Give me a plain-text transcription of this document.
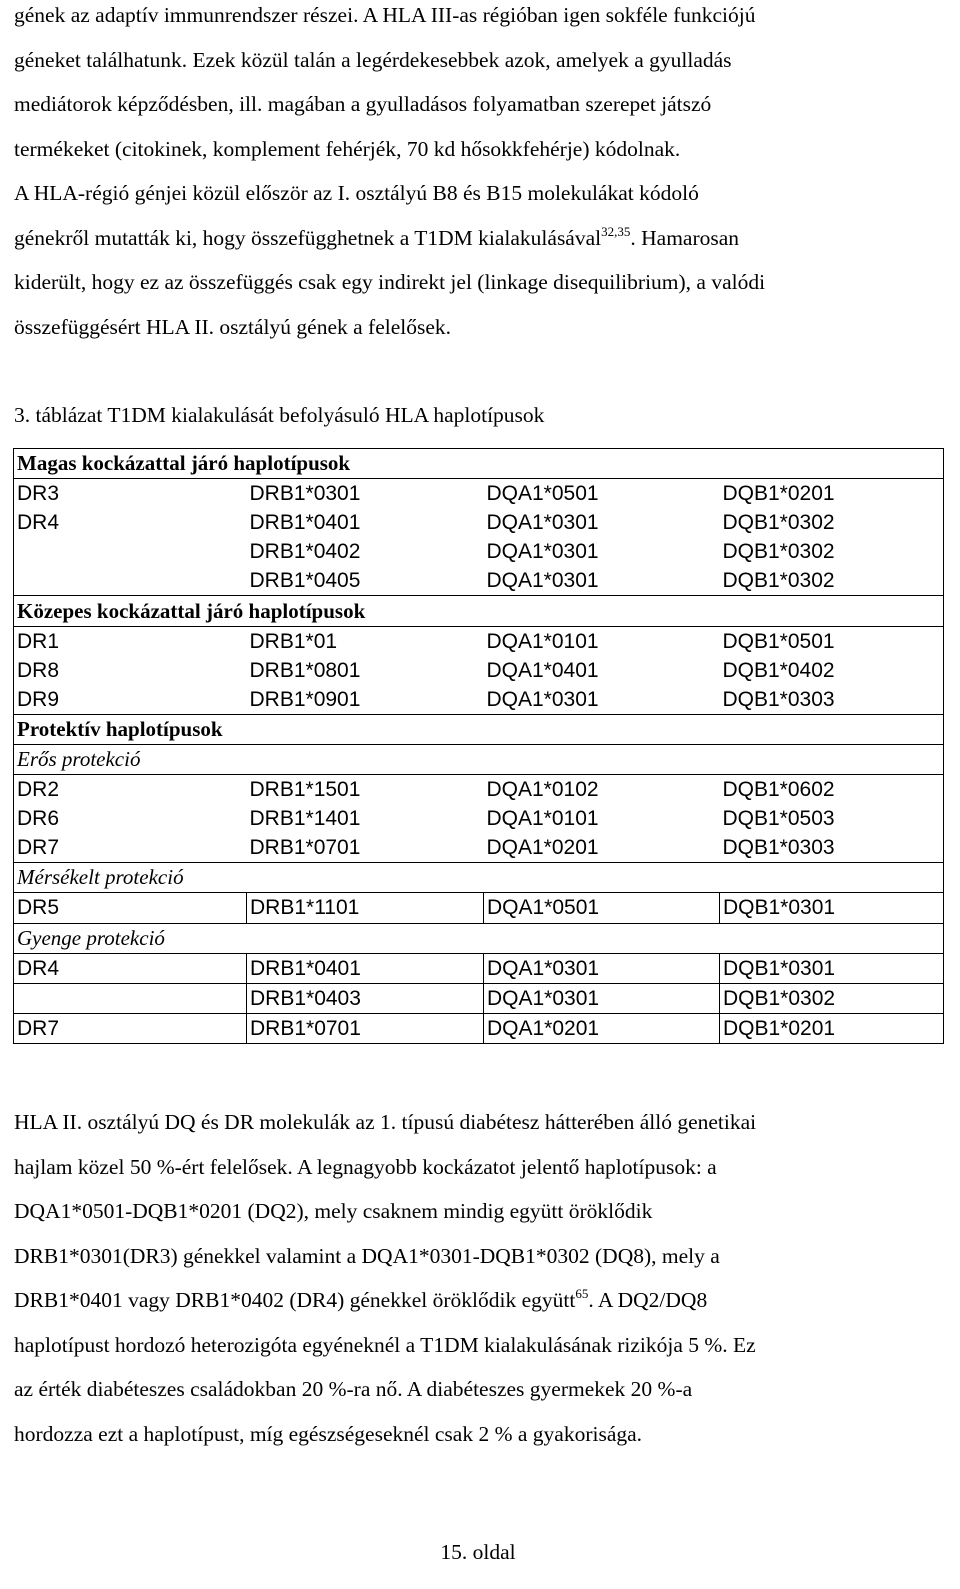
gének az adaptív immunrendszer részei. A HLA III-as régióban igen sokféle funkciójú
géneket találhatunk. Ezek közül talán a legérdekesebbek azok, amelyek a gyulladás
mediátorok képződésben, ill. magában a gyulladásos folyamatban szerepet játszó
termékeket (citokinek, komplement fehérjék, 70 kd hősokkfehérje) kódolnak.
A HLA-régió génjei közül először az I. osztályú B8 és B15 molekulákat kódoló
génekről mutatták ki, hogy összefügghetnek a T1DM kialakulásával$^{32,35}$. Hamarosan
kiderült, hogy ez az összefüggés csak egy indirekt jel (linkage disequilibrium), a valódi
összefüggésért HLA II. osztályú gének a felelősek.

3. táblázat T1DM kialakulását befolyásuló HLA haplotípusok

Magas kockázattal járó haplotípusok			
DR3	DRB1*0301	DQA1*0501	DQB1*0201
DR4	DRB1*0401	DQA1*0301	DQB1*0302
	DRB1*0402	DQA1*0301	DQB1*0302
	DRB1*0405	DQA1*0301	DQB1*0302
Közepes kockázattal járó haplotípusok			
DR1	DRB1*01	DQA1*0101	DQB1*0501
DR8	DRB1*0801	DQA1*0401	DQB1*0402
DR9	DRB1*0901	DQA1*0301	DQB1*0303
Protektív haplotípusok			
Erős protekció			
DR2	DRB1*1501	DQA1*0102	DQB1*0602
DR6	DRB1*1401	DQA1*0101	DQB1*0503
DR7	DRB1*0701	DQA1*0201	DQB1*0303
Mérsékelt protekció			
DR5	DRB1*1101	DQA1*0501	DQB1*0301
Gyenge protekció			
DR4	DRB1*0401	DQA1*0301	DQB1*0301
	DRB1*0403	DQA1*0301	DQB1*0302
DR7	DRB1*0701	DQA1*0201	DQB1*0201
HLA II. osztályú DQ és DR molekulák az 1. típusú diabétesz hátterében álló genetikai
hajlam közel 50 %-ért felelősek. A legnagyobb kockázatot jelentő haplotípusok: a
DQA1*0501-DQB1*0201 (DQ2), mely csaknem mindig együtt öröklődik
DRB1*0301(DR3) génekkel valamint a DQA1*0301-DQB1*0302 (DQ8), mely a
DRB1*0401 vagy DRB1*0402 (DR4) génekkel öröklődik együtt$^{65}$. A DQ2/DQ8
haplotípust hordozó heterozigóta egyéneknél a T1DM kialakulásának rizikója 5 %. Ez
az érték diabéteszes családokban 20 %-ra nő. A diabéteszes gyermekek 20 %-a
hordozza ezt a haplotípust, míg egészségeseknél csak 2 % a gyakorisága.
15. oldal
